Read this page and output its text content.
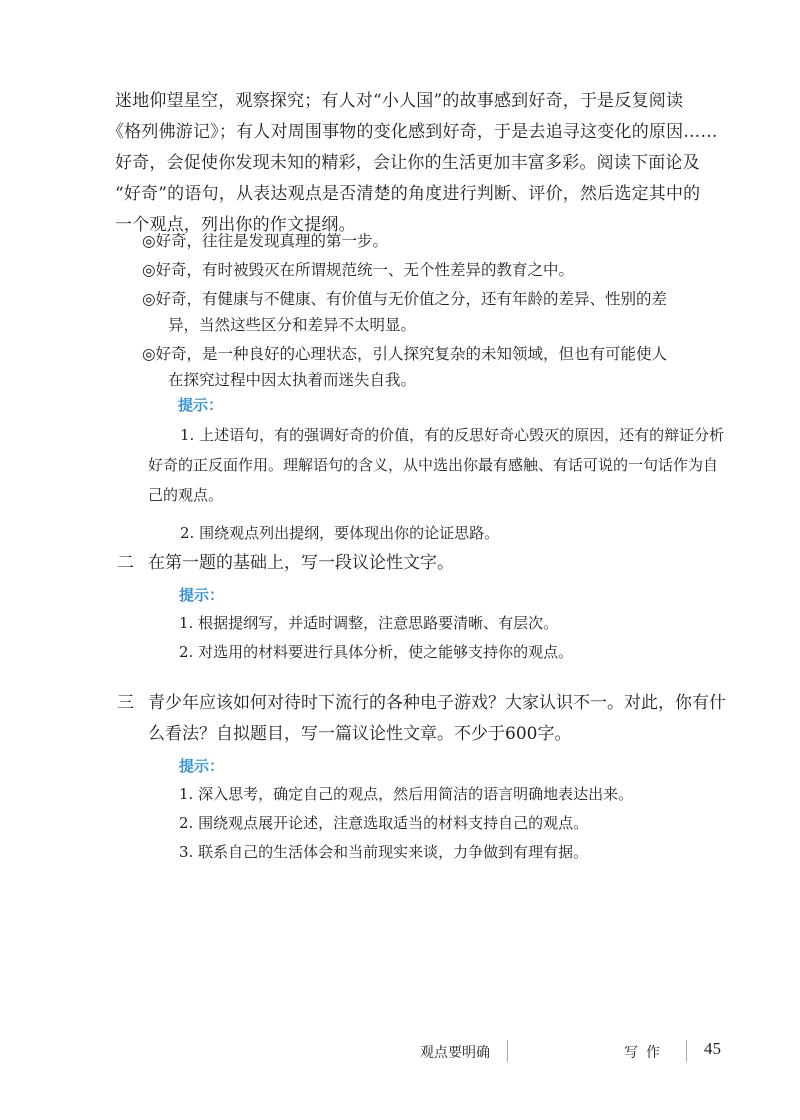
迷地仰望星空，观察探究；有人对“小人国”的故事感到好奇，于是反复阅读

《格列佛游记》；有人对周围事物的变化感到好奇，于是去追寻这变化的原因……

好奇，会促使你发现未知的精彩，会让你的生活更加丰富多彩。阅读下面论及

“好奇”的语句，从表达观点是否清楚的角度进行判断、评价，然后选定其中的

一个观点，列出你的作文提纲。

◎好奇，往往是发现真理的第一步。

◎好奇，有时被毁灭在所谓规范统一、无个性差异的教育之中。

◎好奇，有健康与不健康、有价值与无价值之分，还有年龄的差异、性别的差
异，当然这些区分和差异不太明显。

◎好奇，是一种良好的心理状态，引人探究复杂的未知领域，但也有可能使人
在探究过程中因太执着而迷失自我。

提示：

1. 上述语句，有的强调好奇的价值，有的反思好奇心毁灭的原因，还有的辩证分析好奇的正反面作用。理解语句的含义，从中选出你最有感触、有话可说的一句话作为自己的观点。

2. 围绕观点列出提纲，要体现出你的论证思路。

二 在第一题的基础上，写一段议论性文字。

提示：

1. 根据提纲写，并适时调整，注意思路要清晰、有层次。

2. 对选用的材料要进行具体分析，使之能够支持你的观点。

三 青少年应该如何对待时下流行的各种电子游戏？大家认识不一。对此，你有什么看法？自拟题目，写一篇议论性文章。不少于600字。

提示：

1. 深入思考，确定自己的观点，然后用简洁的语言明确地表达出来。

2. 围绕观点展开论述，注意选取适当的材料支持自己的观点。

3. 联系自己的生活体会和当前现实来谈，力争做到有理有据。

观点要明确	写作 45
